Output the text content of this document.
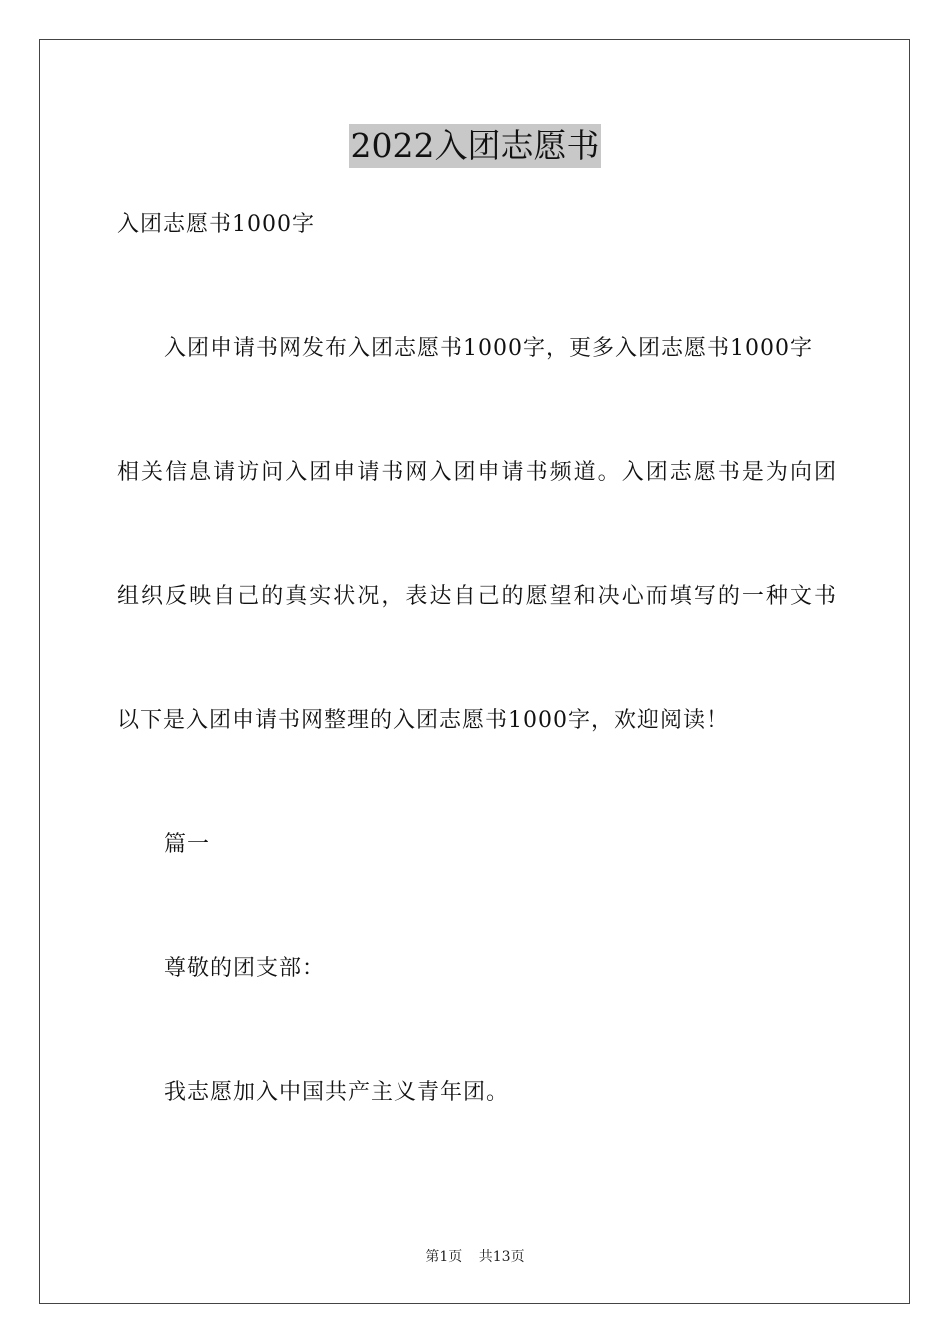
2022入团志愿书
入团志愿书1000字
入团申请书网发布入团志愿书1000字，更多入团志愿书1000字
相关信息请访问入团申请书网入团申请书频道。入团志愿书是为向团
组织反映自己的真实状况，表达自己的愿望和决心而填写的一种文书
以下是入团申请书网整理的入团志愿书1000字，欢迎阅读！
篇一
尊敬的团支部：
我志愿加入中国共产主义青年团。
第1页 共13页
